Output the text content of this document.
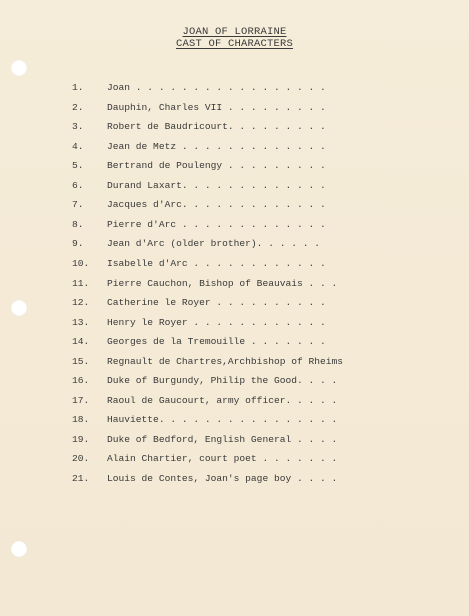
JOAN OF LORRAINE
CAST OF CHARACTERS
1.	Joan . . . . . . . . . . . . . . . . .
2.	Dauphin, Charles VII . . . . . . . . .
3.	Robert de Baudricourt. . . . . . . . .
4.	Jean de Metz . . . . . . . . . . . . .
5.	Bertrand de Poulengy . . . . . . . . .
6.	Durand Laxart. . . . . . . . . . . . .
7.	Jacques d'Arc. . . . . . . . . . . . .
8.	Pierre d'Arc . . . . . . . . . . . . .
9.	Jean d'Arc (older brother). . . . . .
10.	Isabelle d'Arc . . . . . . . . . . . .
11.	Pierre Cauchon, Bishop of Beauvais . . .
12.	Catherine le Royer . . . . . . . . . .
13.	Henry le Royer . . . . . . . . . . . .
14.	Georges de la Tremouille . . . . . . .
15.	Regnault de Chartres,Archbishop of Rheims
16.	Duke of Burgundy, Philip the Good. . . .
17.	Raoul de Gaucourt, army officer. . . . .
18.	Hauviette. . . . . . . . . . . . . . . .
19.	Duke of Bedford, English General . . . .
20.	Alain Chartier, court poet . . . . . . .
21.	Louis de Contes, Joan's page boy . . . .
